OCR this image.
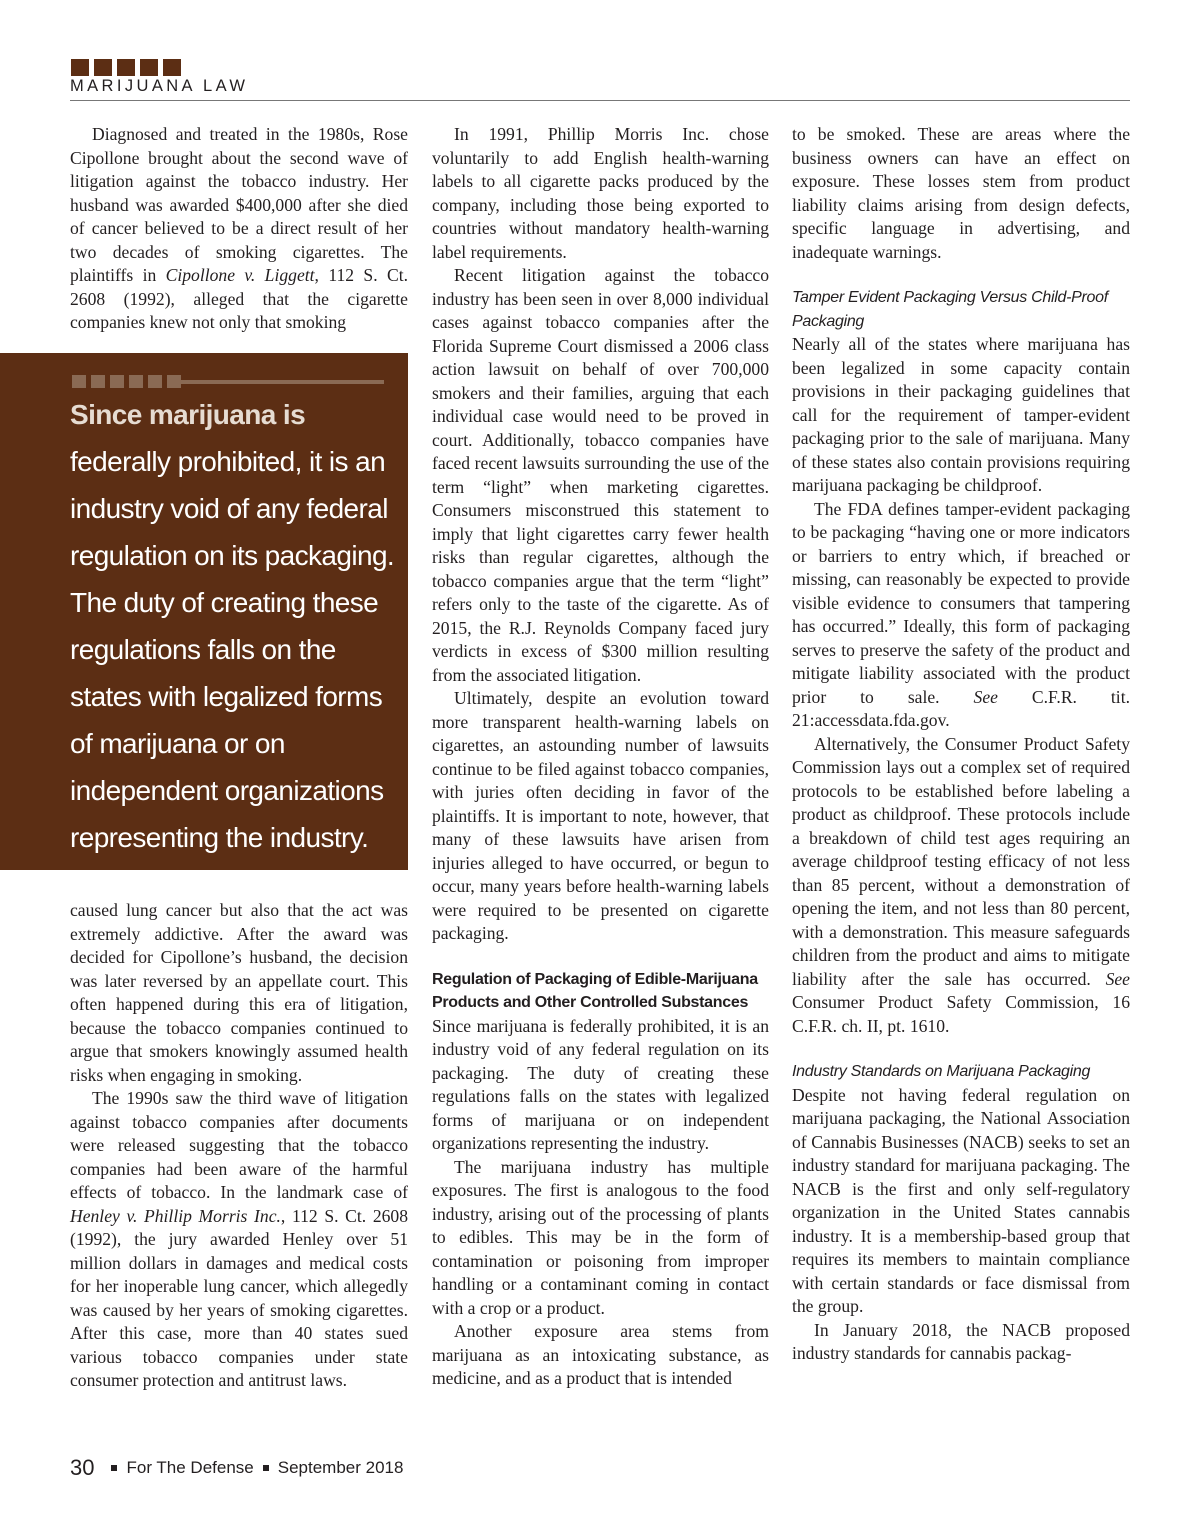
MARIJUANA LAW

Diagnosed and treated in the 1980s, Rose Cipollone brought about the second wave of litigation against the tobacco industry. Her husband was awarded $400,000 after she died of cancer believed to be a direct result of her two decades of smoking cigarettes. The plaintiffs in Cipollone v. Liggett, 112 S. Ct. 2608 (1992), alleged that the cigarette companies knew not only that smoking

Since marijuana is
federally prohibited, it is an industry void of any federal regulation on its packaging. The duty of creating these regulations falls on the states with legalized forms of marijuana or on independent organizations representing the industry.

caused lung cancer but also that the act was extremely addictive. After the award was decided for Cipollone’s husband, the decision was later reversed by an appellate court. This often happened during this era of litigation, because the tobacco companies continued to argue that smokers knowingly assumed health risks when engaging in smoking.

The 1990s saw the third wave of litigation against tobacco companies after documents were released suggesting that the tobacco companies had been aware of the harmful effects of tobacco. In the landmark case of Henley v. Phillip Morris Inc., 112 S. Ct. 2608 (1992), the jury awarded Henley over 51 million dollars in damages and medical costs for her inoperable lung cancer, which allegedly was caused by her years of smoking cigarettes. After this case, more than 40 states sued various tobacco companies under state consumer protection and antitrust laws.

In 1991, Phillip Morris Inc. chose voluntarily to add English health-warning labels to all cigarette packs produced by the company, including those being exported to countries without mandatory health-warning label requirements.

Recent litigation against the tobacco industry has been seen in over 8,000 individual cases against tobacco companies after the Florida Supreme Court dismissed a 2006 class action lawsuit on behalf of over 700,000 smokers and their families, arguing that each individual case would need to be proved in court. Additionally, tobacco companies have faced recent lawsuits surrounding the use of the term “light” when marketing cigarettes. Consumers misconstrued this statement to imply that light cigarettes carry fewer health risks than regular cigarettes, although the tobacco companies argue that the term “light” refers only to the taste of the cigarette. As of 2015, the R.J. Reynolds Company faced jury verdicts in excess of $300 million resulting from the associated litigation.

Ultimately, despite an evolution toward more transparent health-warning labels on cigarettes, an astounding number of lawsuits continue to be filed against tobacco companies, with juries often deciding in favor of the plaintiffs. It is important to note, however, that many of these lawsuits have arisen from injuries alleged to have occurred, or begun to occur, many years before health-warning labels were required to be presented on cigarette packaging.

Regulation of Packaging of Edible-Marijuana Products and Other Controlled Substances

Since marijuana is federally prohibited, it is an industry void of any federal regulation on its packaging. The duty of creating these regulations falls on the states with legalized forms of marijuana or on independent organizations representing the industry.

The marijuana industry has multiple exposures. The first is analogous to the food industry, arising out of the processing of plants to edibles. This may be in the form of contamination or poisoning from improper handling or a contaminant coming in contact with a crop or a product.

Another exposure area stems from marijuana as an intoxicating substance, as medicine, and as a product that is intended

to be smoked. These are areas where the business owners can have an effect on exposure. These losses stem from product liability claims arising from design defects, specific language in advertising, and inadequate warnings.

Tamper Evident Packaging Versus Child-Proof Packaging

Nearly all of the states where marijuana has been legalized in some capacity contain provisions in their packaging guidelines that call for the requirement of tamper-evident packaging prior to the sale of marijuana. Many of these states also contain provisions requiring marijuana packaging be childproof.

The FDA defines tamper-evident packaging to be packaging “having one or more indicators or barriers to entry which, if breached or missing, can reasonably be expected to provide visible evidence to consumers that tampering has occurred.” Ideally, this form of packaging serves to preserve the safety of the product and mitigate liability associated with the product prior to sale. See C.F.R. tit. 21:accessdata.fda.gov.

Alternatively, the Consumer Product Safety Commission lays out a complex set of required protocols to be established before labeling a product as childproof. These protocols include a breakdown of child test ages requiring an average childproof testing efficacy of not less than 85 percent, without a demonstration of opening the item, and not less than 80 percent, with a demonstration. This measure safeguards children from the product and aims to mitigate liability after the sale has occurred. See Consumer Product Safety Commission, 16 C.F.R. ch. II, pt. 1610.

Industry Standards on Marijuana Packaging

Despite not having federal regulation on marijuana packaging, the National Association of Cannabis Businesses (NACB) seeks to set an industry standard for marijuana packaging. The NACB is the first and only self-regulatory organization in the United States cannabis industry. It is a membership-based group that requires its members to maintain compliance with certain standards or face dismissal from the group.

In January 2018, the NACB proposed industry standards for cannabis packag-

30 For The Defense September 2018
